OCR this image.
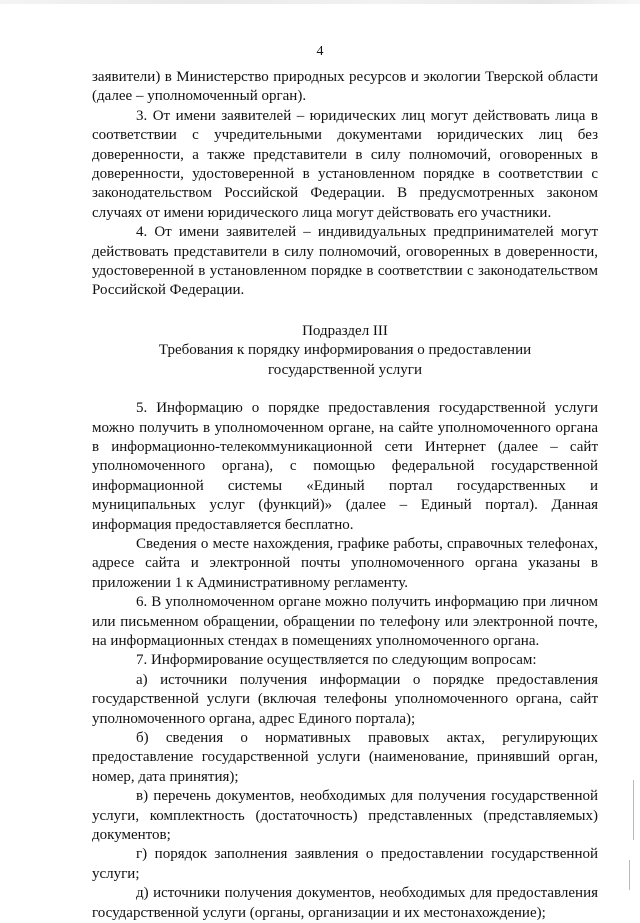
4

заявители) в Министерство природных ресурсов и экологии Тверской области (далее – уполномоченный орган).

3. От имени заявителей – юридических лиц могут действовать лица в соответствии с учредительными документами юридических лиц без доверенности, а также представители в силу полномочий, оговоренных в доверенности, удостоверенной в установленном порядке в соответствии с законодательством Российской Федерации. В предусмотренных законом случаях от имени юридического лица могут действовать его участники.

4. От имени заявителей – индивидуальных предпринимателей могут действовать представители в силу полномочий, оговоренных в доверенности, удостоверенной в установленном порядке в соответствии с законодательством Российской Федерации.

Подраздел III

Требования к порядку информирования о предоставлении

государственной услуги

5. Информацию о порядке предоставления государственной услуги можно получить в уполномоченном органе, на сайте уполномоченного органа в информационно-телекоммуникационной сети Интернет (далее – сайт уполномоченного органа), с помощью федеральной государственной информационной системы «Единый портал государственных и муниципальных услуг (функций)» (далее – Единый портал). Данная информация предоставляется бесплатно.

Сведения о месте нахождения, графике работы, справочных телефонах, адресе сайта и электронной почты уполномоченного органа указаны в приложении 1 к Административному регламенту.

6. В уполномоченном органе можно получить информацию при личном или письменном обращении, обращении по телефону или электронной почте, на информационных стендах в помещениях уполномоченного органа.

7. Информирование осуществляется по следующим вопросам:

а) источники получения информации о порядке предоставления государственной услуги (включая телефоны уполномоченного органа, сайт уполномоченного органа, адрес Единого портала);

б) сведения о нормативных правовых актах, регулирующих предоставление государственной услуги (наименование, принявший орган, номер, дата принятия);

в) перечень документов, необходимых для получения государственной услуги, комплектность (достаточность) представленных (представляемых) документов;

г) порядок заполнения заявления о предоставлении государственной услуги;

д) источники получения документов, необходимых для предоставления государственной услуги (органы, организации и их местонахождение);
